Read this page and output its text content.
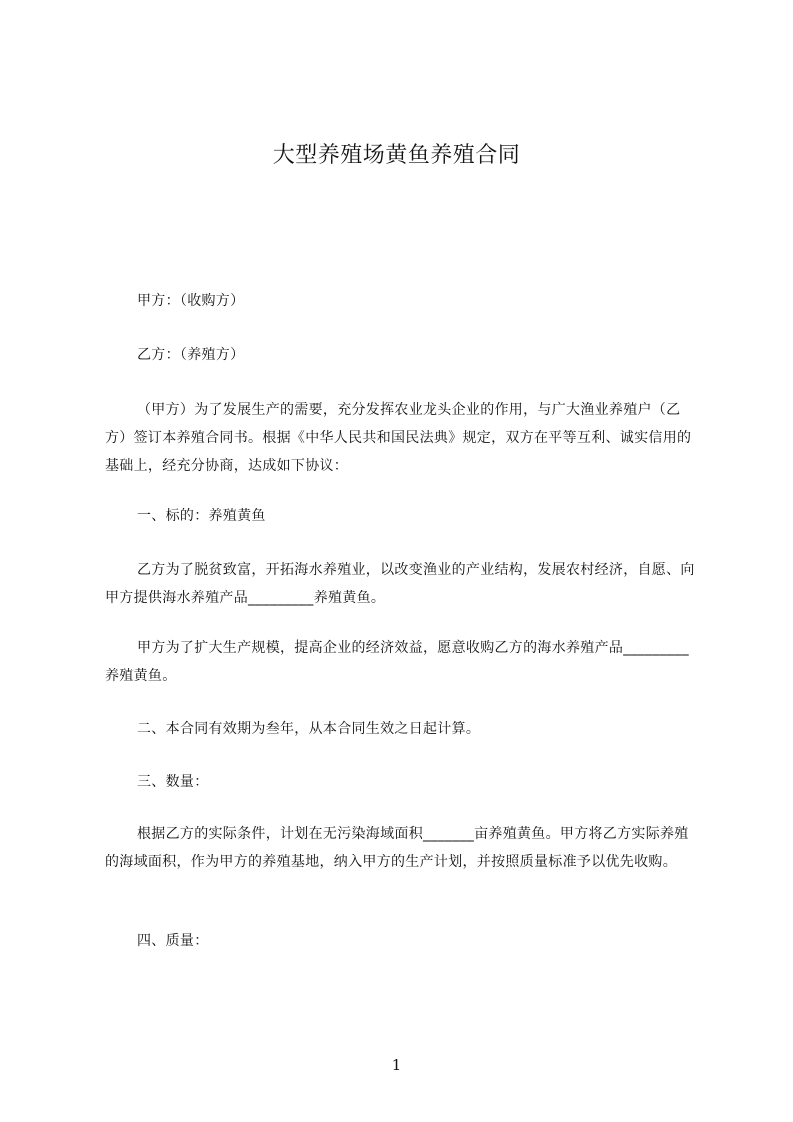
大型养殖场黄鱼养殖合同
甲方：（收购方）
乙方：（养殖方）
（甲方）为了发展生产的需要，充分发挥农业龙头企业的作用，与广大渔业养殖户（乙方）签订本养殖合同书。根据《中华人民共和国民法典》规定，双方在平等互利、诚实信用的基础上，经充分协商，达成如下协议：
一、标的：养殖黄鱼
乙方为了脱贫致富，开拓海水养殖业，以改变渔业的产业结构，发展农村经济，自愿、向甲方提供海水养殖产品_________养殖黄鱼。
甲方为了扩大生产规模，提高企业的经济效益，愿意收购乙方的海水养殖产品_________养殖黄鱼。
二、本合同有效期为叁年，从本合同生效之日起计算。
三、数量：
根据乙方的实际条件，计划在无污染海域面积_______亩养殖黄鱼。甲方将乙方实际养殖的海域面积，作为甲方的养殖基地，纳入甲方的生产计划，并按照质量标准予以优先收购。
四、质量：
1
